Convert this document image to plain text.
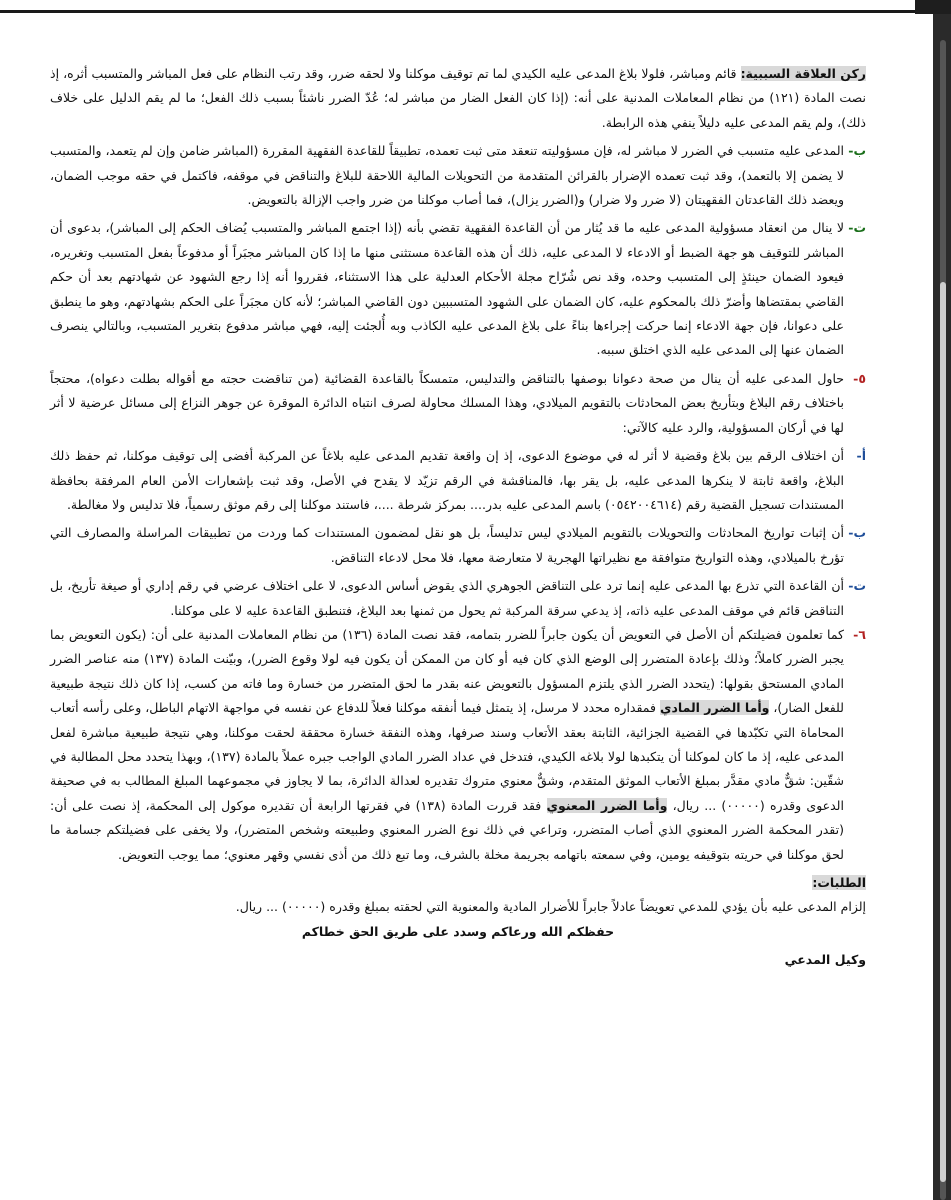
ركن العلاقة السببية: قائم ومباشر، فلولا بلاغ المدعى عليه الكيدي لما تم توقيف موكلنا ولا لحقه ضرر، وقد رتب النظام على فعل المباشر والمتسبب أثره، إذ نصت المادة (١٢١) من نظام المعاملات المدنية على أنه: (إذا كان الفعل الضار من مباشر له؛ عُدّ الضرر ناشئاً بسبب ذلك الفعل؛ ما لم يقم الدليل على خلاف ذلك)، ولم يقم المدعى عليه دليلاً ينفي هذه الرابطة.

ب-

المدعى عليه متسبب في الضرر لا مباشر له، فإن مسؤوليته تنعقد متى ثبت تعمده، تطبيقاً للقاعدة الفقهية المقررة (المباشر ضامن وإن لم يتعمد، والمتسبب لا يضمن إلا بالتعمد)، وقد ثبت تعمده الإضرار بالقرائن المتقدمة من التحويلات المالية اللاحقة للبلاغ والتناقض في موقفه، فاكتمل في حقه موجب الضمان، ويعضد ذلك القاعدتان الفقهيتان (لا ضرر ولا ضرار) و(الضرر يزال)، فما أصاب موكلنا من ضرر واجب الإزالة بالتعويض.

ت-

لا ينال من انعقاد مسؤولية المدعى عليه ما قد يُثار من أن القاعدة الفقهية تقضي بأنه (إذا اجتمع المباشر والمتسبب يُضاف الحكم إلى المباشر)، بدعوى أن المباشر للتوقيف هو جهة الضبط أو الادعاء لا المدعى عليه، ذلك أن هذه القاعدة مستثنى منها ما إذا كان المباشر مجبَراً أو مدفوعاً بفعل المتسبب وتغريره، فيعود الضمان حينئذٍ إلى المتسبب وحده، وقد نص شُرّاح مجلة الأحكام العدلية على هذا الاستثناء، فقرروا أنه إذا رجع الشهود عن شهادتهم بعد أن حكم القاضي بمقتضاها وأضرّ ذلك بالمحكوم عليه، كان الضمان على الشهود المتسببين دون القاضي المباشر؛ لأنه كان مجبَراً على الحكم بشهادتهم، وهو ما ينطبق على دعوانا، فإن جهة الادعاء إنما حركت إجراءها بناءً على بلاغ المدعى عليه الكاذب وبه أُلجئت إليه، فهي مباشر مدفوع بتغرير المتسبب، وبالتالي ينصرف الضمان عنها إلى المدعى عليه الذي اختلق سببه.

٥-

حاول المدعى عليه أن ينال من صحة دعوانا بوصفها بالتناقض والتدليس، متمسكاً بالقاعدة القضائية (من تناقضت حجته مع أقواله بطلت دعواه)، محتجاً باختلاف رقم البلاغ وبتأريخ بعض المحادثات بالتقويم الميلادي، وهذا المسلك محاولة لصرف انتباه الدائرة الموقرة عن جوهر النزاع إلى مسائل عرضية لا أثر لها في أركان المسؤولية، والرد عليه كالآتي:

أ-

أن اختلاف الرقم بين بلاغ وقضية لا أثر له في موضوع الدعوى، إذ إن واقعة تقديم المدعى عليه بلاغاً عن المركبة أفضى إلى توقيف موكلنا، ثم حفظ ذلك البلاغ، واقعة ثابتة لا ينكرها المدعى عليه، بل يقر بها، فالمناقشة في الرقم تزيّد لا يقدح في الأصل، وقد ثبت بإشعارات الأمن العام المرفقة بحافظة المستندات تسجيل القضية رقم (٠٥٤٢٠٠٤٦١٤) باسم المدعى عليه بدر.... بمركز شرطة ....، فاستند موكلنا إلى رقم موثق رسمياً، فلا تدليس ولا مغالطة.

ب-

أن إثبات تواريخ المحادثات والتحويلات بالتقويم الميلادي ليس تدليساً، بل هو نقل لمضمون المستندات كما وردت من تطبيقات المراسلة والمصارف التي تؤرخ بالميلادي، وهذه التواريخ متوافقة مع نظيراتها الهجرية لا متعارضة معها، فلا محل لادعاء التناقض.

ت-

أن القاعدة التي تذرع بها المدعى عليه إنما ترد على التناقض الجوهري الذي يقوض أساس الدعوى، لا على اختلاف عرضي في رقم إداري أو صيغة تأريخ، بل التناقض قائم في موقف المدعى عليه ذاته، إذ يدعي سرقة المركبة ثم يحول من ثمنها بعد البلاغ، فتنطبق القاعدة عليه لا على موكلنا.

٦-

كما تعلمون فضيلتكم أن الأصل في التعويض أن يكون جابراً للضرر بتمامه، فقد نصت المادة (١٣٦) من نظام المعاملات المدنية على أن: (يكون التعويض بما يجبر الضرر كاملاً؛ وذلك بإعادة المتضرر إلى الوضع الذي كان فيه أو كان من الممكن أن يكون فيه لولا وقوع الضرر)، وبيّنت المادة (١٣٧) منه عناصر الضرر المادي المستحق بقولها: (يتحدد الضرر الذي يلتزم المسؤول بالتعويض عنه بقدر ما لحق المتضرر من خسارة وما فاته من كسب، إذا كان ذلك نتيجة طبيعية للفعل الضار)، وأما الضرر المادي فمقداره محدد لا مرسل، إذ يتمثل فيما أنفقه موكلنا فعلاً للدفاع عن نفسه في مواجهة الاتهام الباطل، وعلى رأسه أتعاب المحاماة التي تكبّدها في القضية الجزائية، الثابتة بعقد الأتعاب وسند صرفها، وهذه النفقة خسارة محققة لحقت موكلنا، وهي نتيجة طبيعية مباشرة لفعل المدعى عليه، إذ ما كان لموكلنا أن يتكبدها لولا بلاغه الكيدي، فتدخل في عداد الضرر المادي الواجب جبره عملاً بالمادة (١٣٧)، وبهذا يتحدد محل المطالبة في شقّين: شقٌّ مادي مقدَّر بمبلغ الأتعاب الموثق المتقدم، وشقٌّ معنوي متروك تقديره لعدالة الدائرة، بما لا يجاوز في مجموعهما المبلغ المطالب به في صحيفة الدعوى وقدره (٠٠٠٠٠) ... ريال، وأما الضرر المعنوي فقد قررت المادة (١٣٨) في فقرتها الرابعة أن تقديره موكول إلى المحكمة، إذ نصت على أن: (تقدر المحكمة الضرر المعنوي الذي أصاب المتضرر، وتراعي في ذلك نوع الضرر المعنوي وطبيعته وشخص المتضرر)، ولا يخفى على فضيلتكم جسامة ما لحق موكلنا في حريته بتوقيفه يومين، وفي سمعته باتهامه بجريمة مخلة بالشرف، وما تبع ذلك من أذى نفسي وقهر معنوي؛ مما يوجب التعويض.

الطلبات:

إلزام المدعى عليه بأن يؤدي للمدعي تعويضاً عادلاً جابراً للأضرار المادية والمعنوية التي لحقته بمبلغ وقدره (٠٠٠٠٠) ... ريال.

حفظكم الله ورعاكم وسدد على طريق الحق خطاكم

وكيل المدعي
